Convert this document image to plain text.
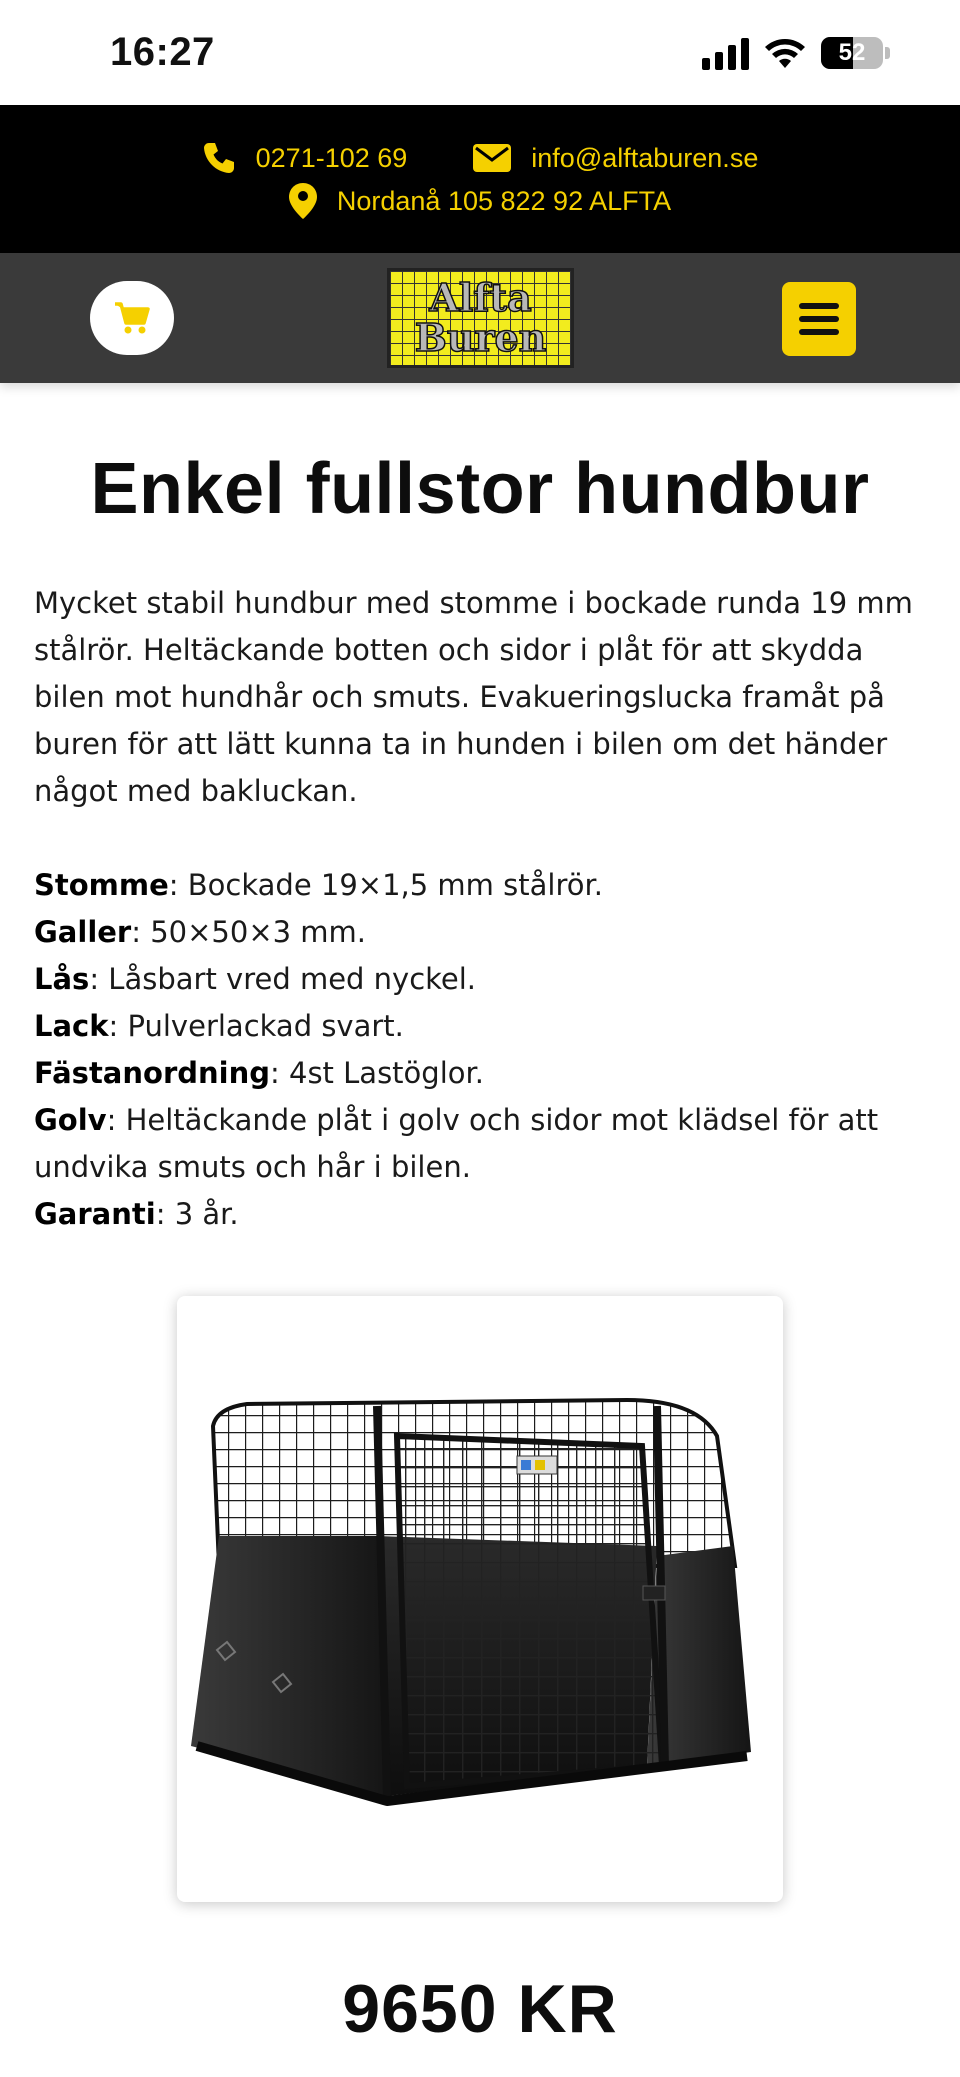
16:27	52
0271-102 69	info@alftaburen.se
Nordanå 105 822 92 ALFTA
Alfta
Buren
Enkel fullstor hundbur

Mycket stabil hundbur med stomme i bockade runda 19 mm stålrör. Heltäckande botten och sidor i plåt för att skydda bilen mot hundhår och smuts. Evakueringslucka framåt på buren för att lätt kunna ta in hunden i bilen om det händer något med bakluckan.

Stomme: Bockade 19×1,5 mm stålrör.
Galler: 50×50×3 mm.
Lås: Låsbart vred med nyckel.
Lack: Pulverlackad svart.
Fästanordning: 4st Lastöglor.
Golv: Heltäckande plåt i golv och sidor mot klädsel för att undvika smuts och hår i bilen.
Garanti: 3 år.
9650 KR
